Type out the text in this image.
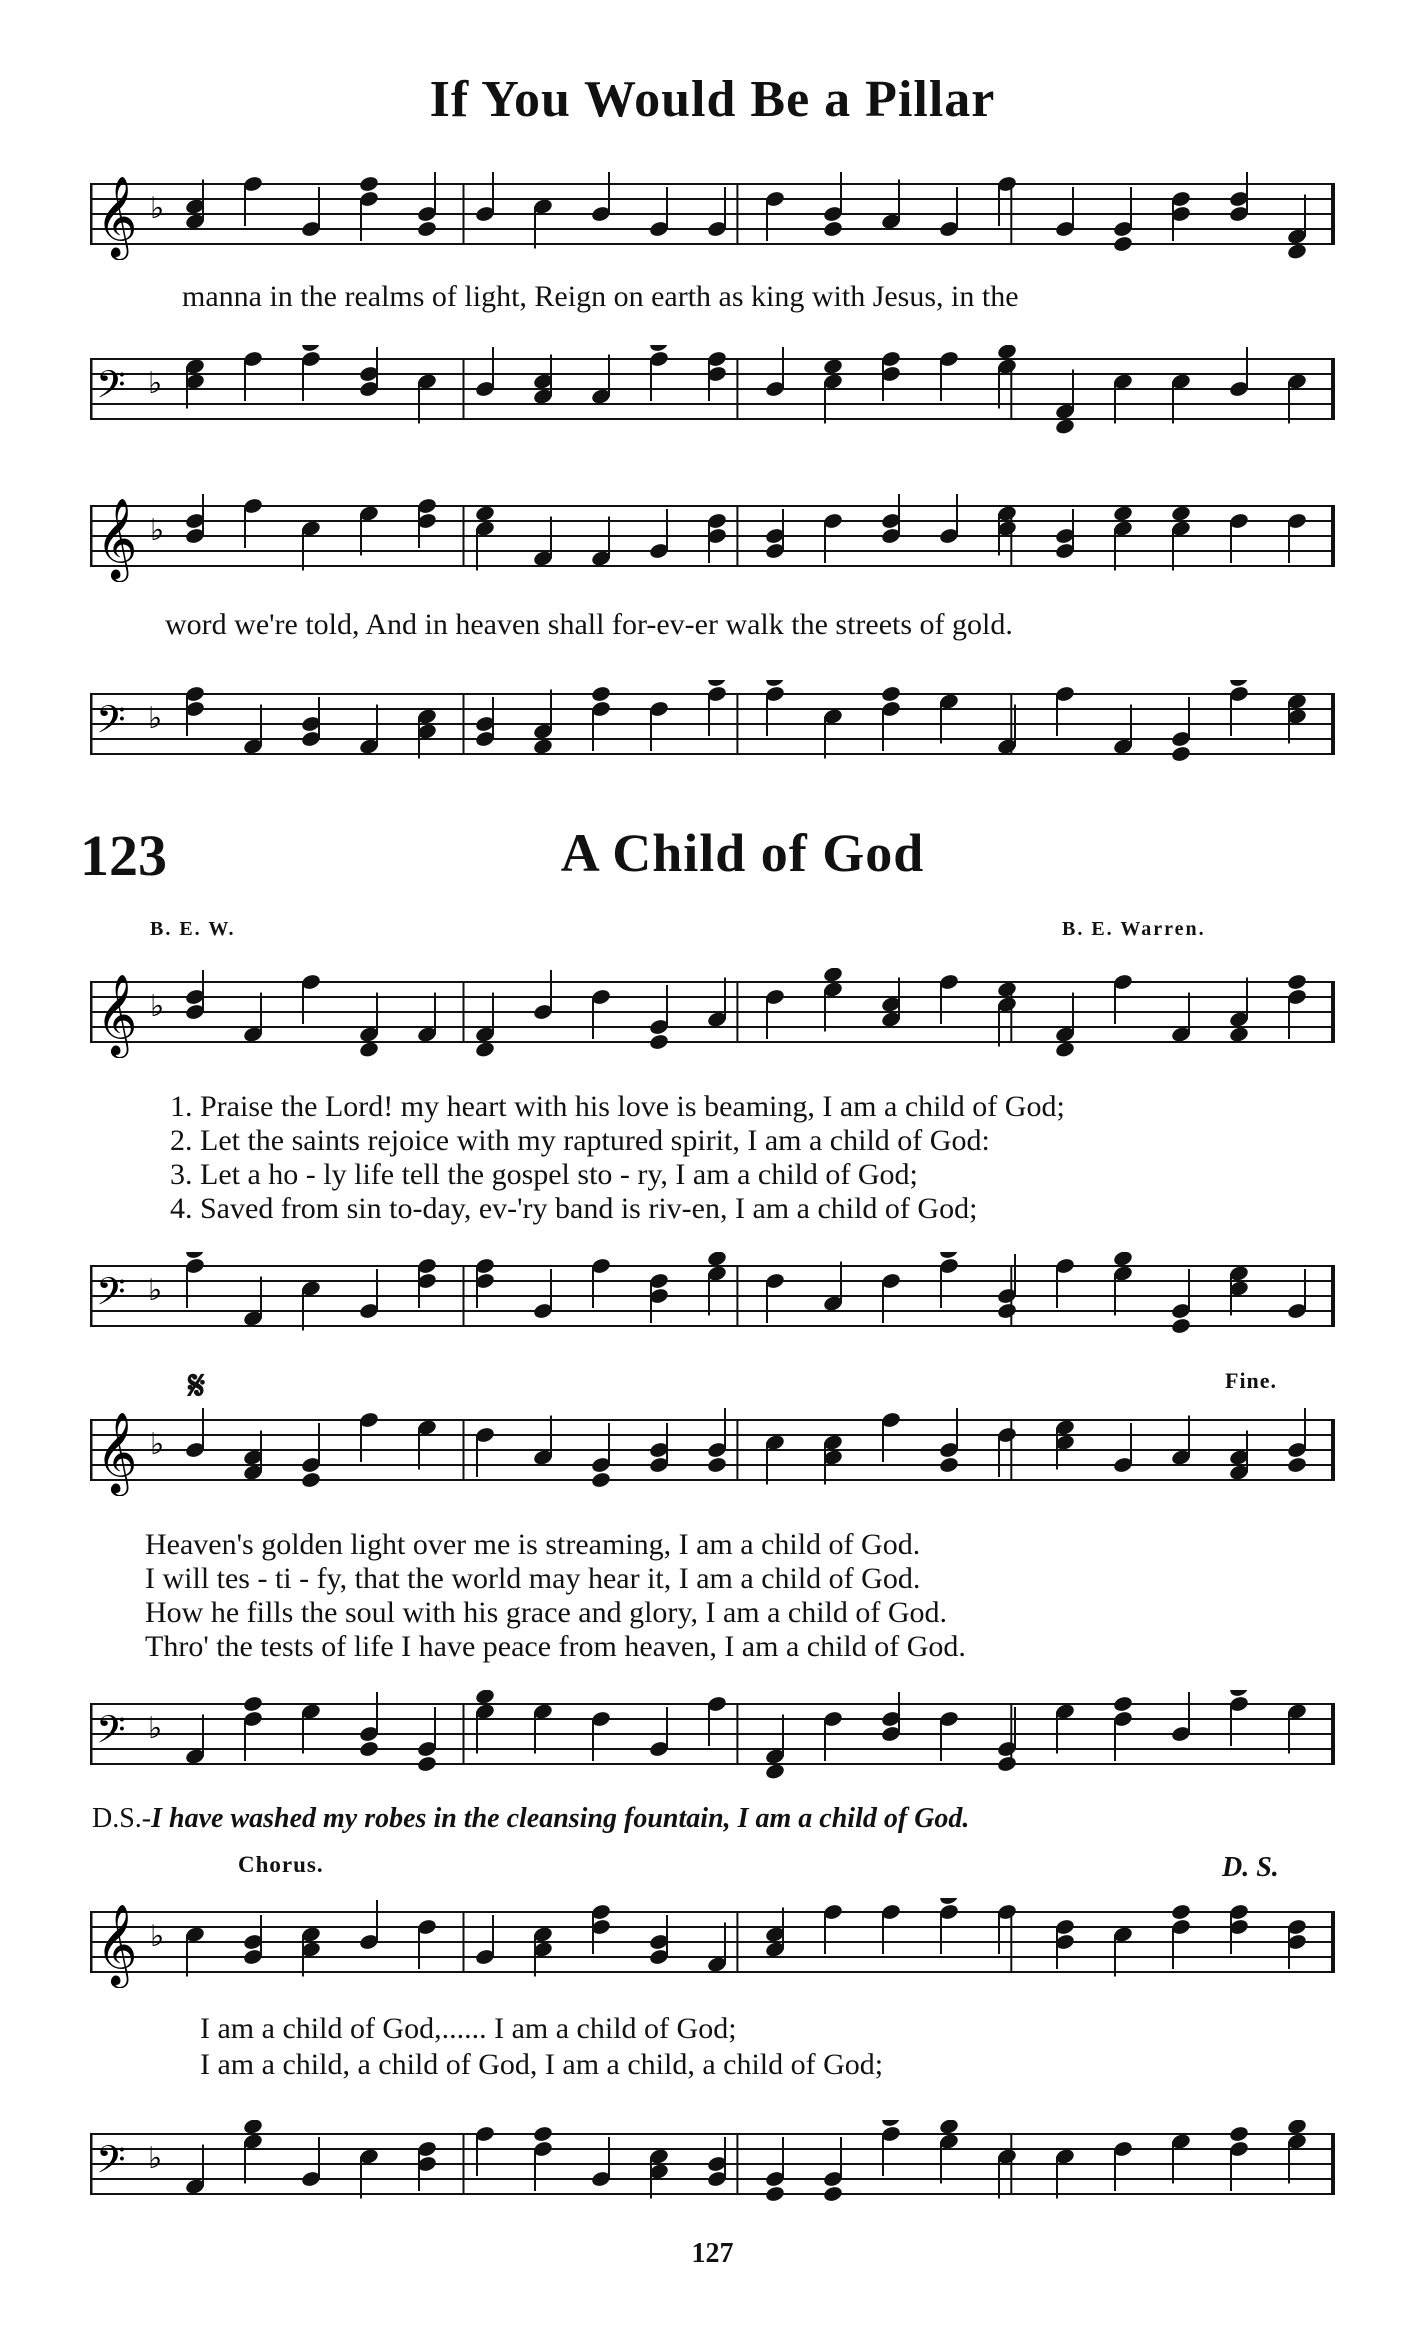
If You Would Be a Pillar
𝄞 ♭
manna in the realms of light, Reign on earth as king with Jesus, in the
𝄢 ♭
𝄞 ♭
word we're told, And in heaven shall for-ev-er walk the streets of gold.
𝄢 ♭
123	A Child of God
B. E. W.	B. E. Warren.
𝄞 ♭
1. Praise the Lord! my heart with his love is beaming, I am a child of God;
2. Let the saints rejoice with my raptured spirit, I am a child of God:
3. Let a ho - ly life tell the gospel sto - ry, I am a child of God;
4. Saved from sin to-day, ev-'ry band is riv-en, I am a child of God;
𝄢 ♭
𝄋	Fine.
𝄞 ♭
Heaven's golden light over me is streaming, I am a child of God.
I will tes - ti - fy, that the world may hear it, I am a child of God.
How he fills the soul with his grace and glory, I am a child of God.
Thro' the tests of life I have peace from heaven, I am a child of God.
𝄢 ♭
D.S.-I have washed my robes in the cleansing fountain, I am a child of God.
Chorus.	D. S.
𝄞 ♭
I am a child of God,...... I am a child of God;
I am a child, a child of God, I am a child, a child of God;
𝄢 ♭
127
